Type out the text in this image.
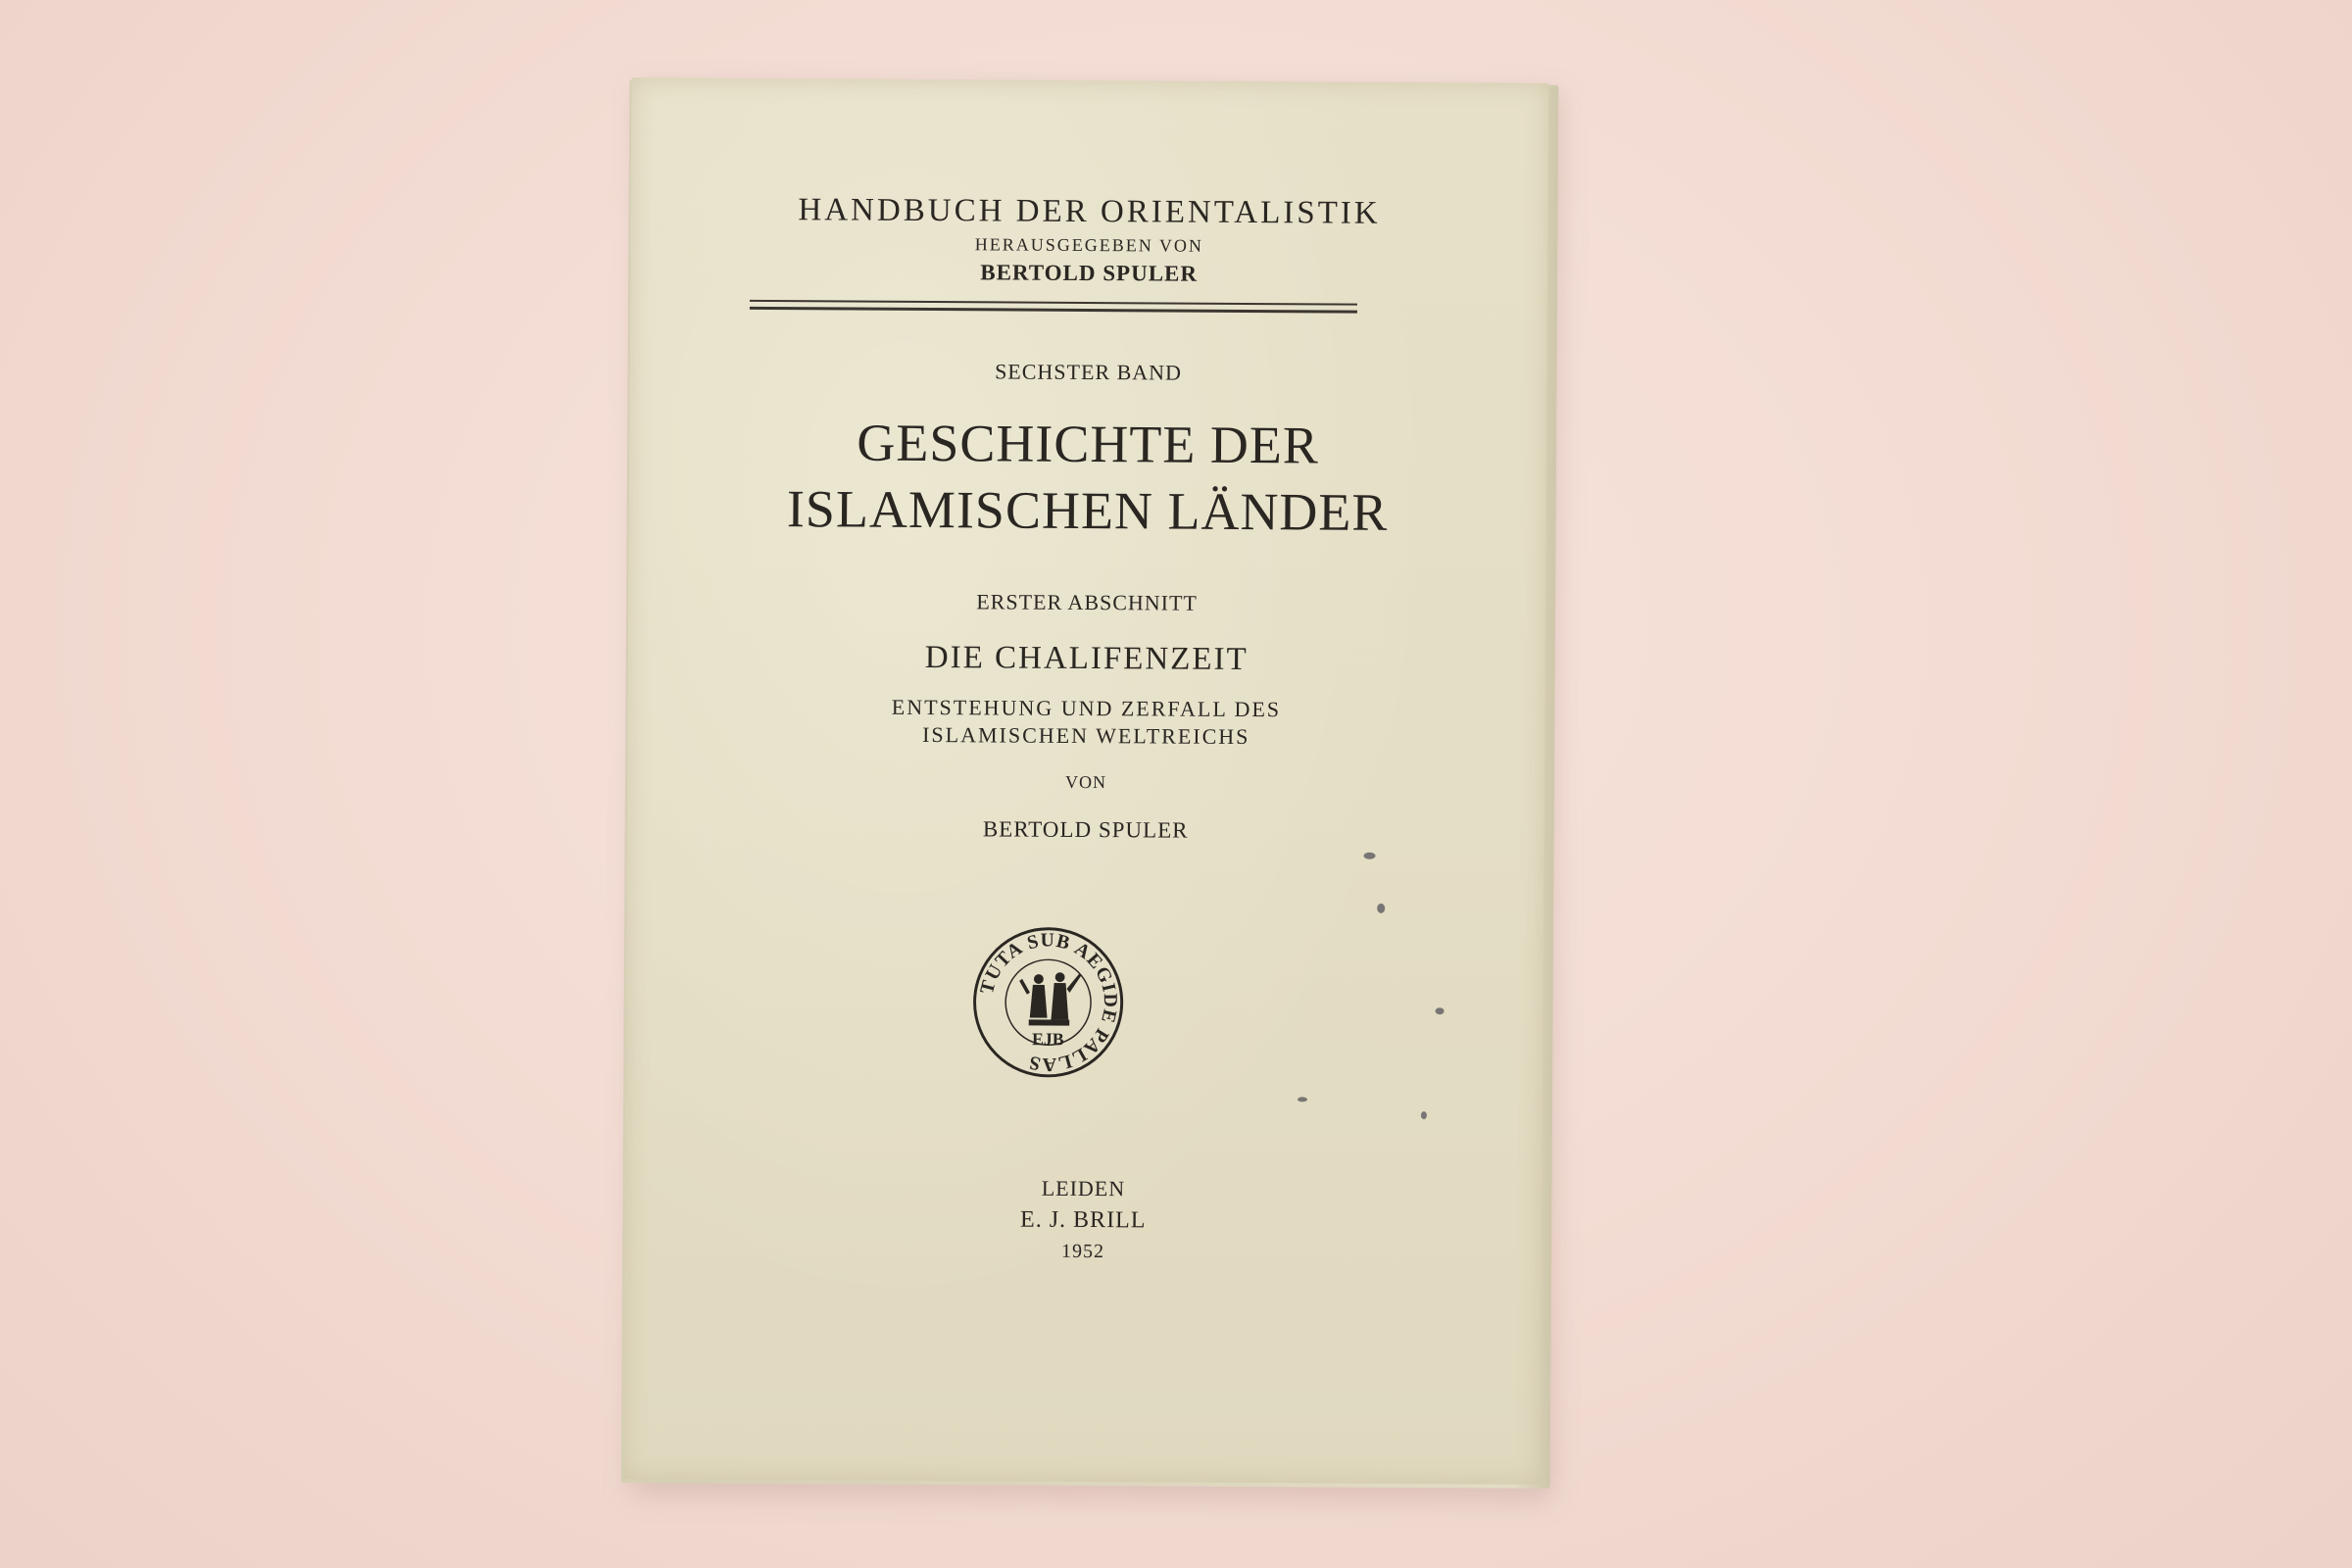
HANDBUCH DER ORIENTALISTIK
HERAUSGEGEBEN VON
BERTOLD SPULER
SECHSTER BAND
GESCHICHTE DER
ISLAMISCHEN LÄNDER
ERSTER ABSCHNITT
DIE CHALIFENZEIT
ENTSTEHUNG UND ZERFALL DES
ISLAMISCHEN WELTREICHS
VON
BERTOLD SPULER
TUTA SUB AEGIDE PALLAS
EJB
LEIDEN
E. J. BRILL
1952
